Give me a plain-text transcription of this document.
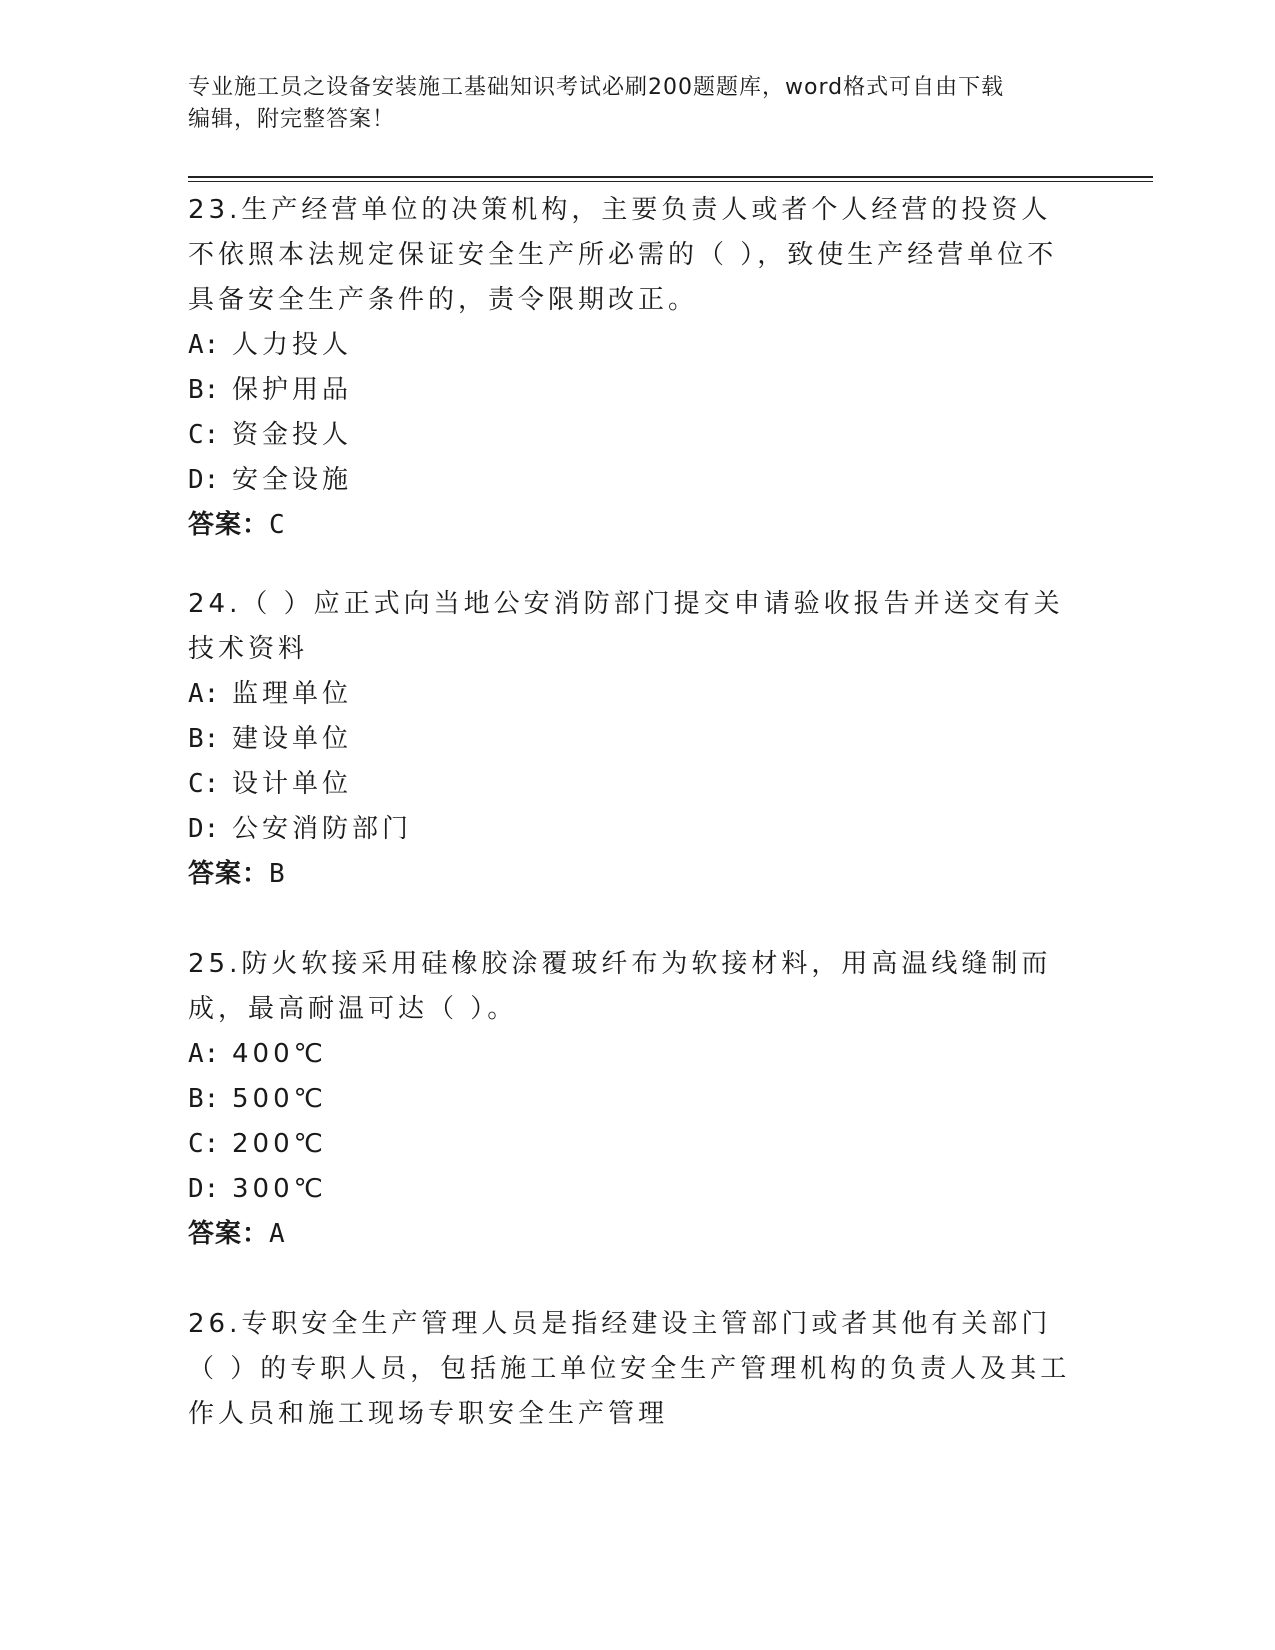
专业施工员之设备安装施工基础知识考试必刷200题题库，word格式可自由下载
编辑，附完整答案！

23.生产经营单位的决策机构，主要负责人或者个人经营的投资人不依照本法规定保证安全生产所必需的（ ），致使生产经营单位不具备安全生产条件的，责令限期改正。

A: 人力投人
B: 保护用品
C: 资金投人
D: 安全设施
答案：C

24.（ ）应正式向当地公安消防部门提交申请验收报告并送交有关技术资料

A: 监理单位
B: 建设单位
C: 设计单位
D: 公安消防部门
答案：B

25.防火软接采用硅橡胶涂覆玻纤布为软接材料，用高温线缝制而成，最高耐温可达（ ）。

A: 400℃
B: 500℃
C: 200℃
D: 300℃
答案：A

26.专职安全生产管理人员是指经建设主管部门或者其他有关部门（ ）的专职人员，包括施工单位安全生产管理机构的负责人及其工作人员和施工现场专职安全生产管理
